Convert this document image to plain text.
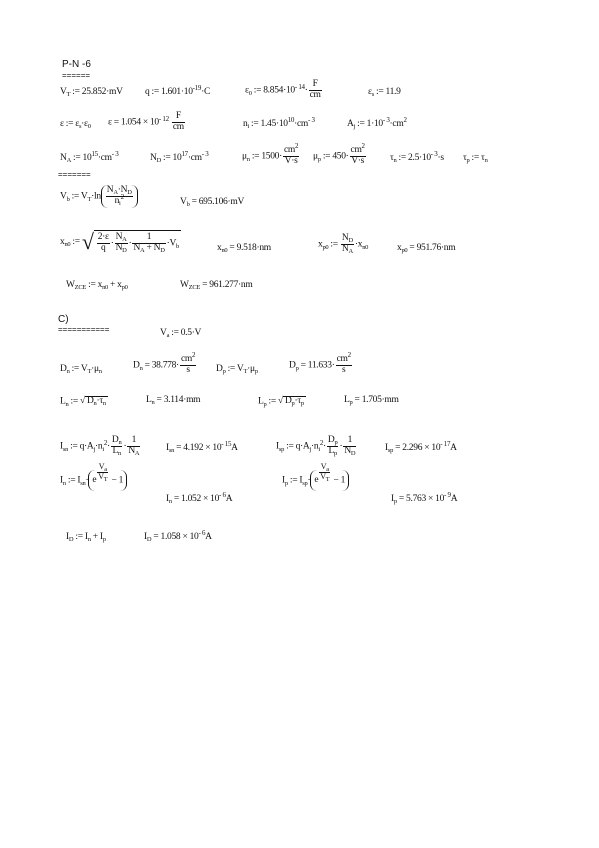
P-N -6
======
$V_T$ := 25.852·mV q := $1.601\cdot 10^{-19}\cdot C$	$\varepsilon_0$ := $8.854\cdot 10^{- 14}\cdot \frac{F}{cm}$	$\varepsilon_s$ := 11.9
ε := $\varepsilon_s\cdot\varepsilon_0$ $\varepsilon = 1.054 \times 10^{- 12} \frac{F}{cm}$	$n_i$ := $1.45\cdot 10^{10}\cdot cm^{- 3}$	$A_j$ := $1\cdot 10^{- 3}\cdot cm^2$
$N_A$ := $10^{15}\cdot cm^{- 3}$	$N_D$ := $10^{17}\cdot cm^{- 3}$	$\mu_n$ := $1500\cdot \frac{cm^2}{V\cdot s} \mu_p$ := $450\cdot \frac{cm^2}{V\cdot s}$	$\tau_n$ := $2.5\cdot 10^{- 3}\cdot s$ $\tau_p$ := $\tau_n$
=======
$V_b$ := $V_T\cdot\ln \frac{N_A\cdot N_D}{n_i^2}$	$V_b = 695.106\cdot mV$
$x_{n0}$ := √ $\frac{2\cdot\varepsilon}{q} \cdot \frac{N_A}{N_D} \cdot \frac{1}{N_A + N_D} \cdot V_b$	$x_{n0} = 9.518\cdot nm$	$x_{p0}$ := $\frac{N_D}{N_A} \cdot x_{n0}$	$x_{p0} = 951.76\cdot nm$
$W_{ZCE}$ := $x_{n0} + x_{p0}$	$W_{ZCE} = 961.277\cdot nm$
C)
===========	$V_a$ := 0.5·V
$D_n$ := $V_T\cdot\mu_n$
$D_n = 38.778\cdot \frac{cm^2}{s} D_p$ := $V_T\cdot\mu_p$
$D_p = 11.633\cdot \frac{cm^2}{s}$
$L_n$ := √ $D_n\cdot\tau_n$	$L_n = 3.114\cdot mm$	$L_p$ := √ $D_p\cdot\tau_p$	$L_p = 1.705\cdot mm$
$I_{sn}$ := $q\cdot A_j\cdot n_i^2\cdot \frac{D_n}{L_n} \cdot \frac{1}{N_A}$	$I_{sn} = 4.192 \times 10^{- 15}A$	$I_{sp}$ := $q\cdot A_j\cdot n_i^2\cdot \frac{D_p}{L_p} \cdot \frac{1}{N_D}$	$I_{sp} = 2.296 \times 10^{- 17}A$
$I_n$ := $I_{sn}\cdot e \frac{V_a}{V_T} - 1$
$I_n = 1.052 \times 10^{- 6}A$
$I_p$ := $I_{sp}\cdot e \frac{V_a}{V_T} - 1$
$I_p = 5.763 \times 10^{- 9}A$
$I_D$ := $I_n + I_p$	$I_D = 1.058 \times 10^{- 6}A$
